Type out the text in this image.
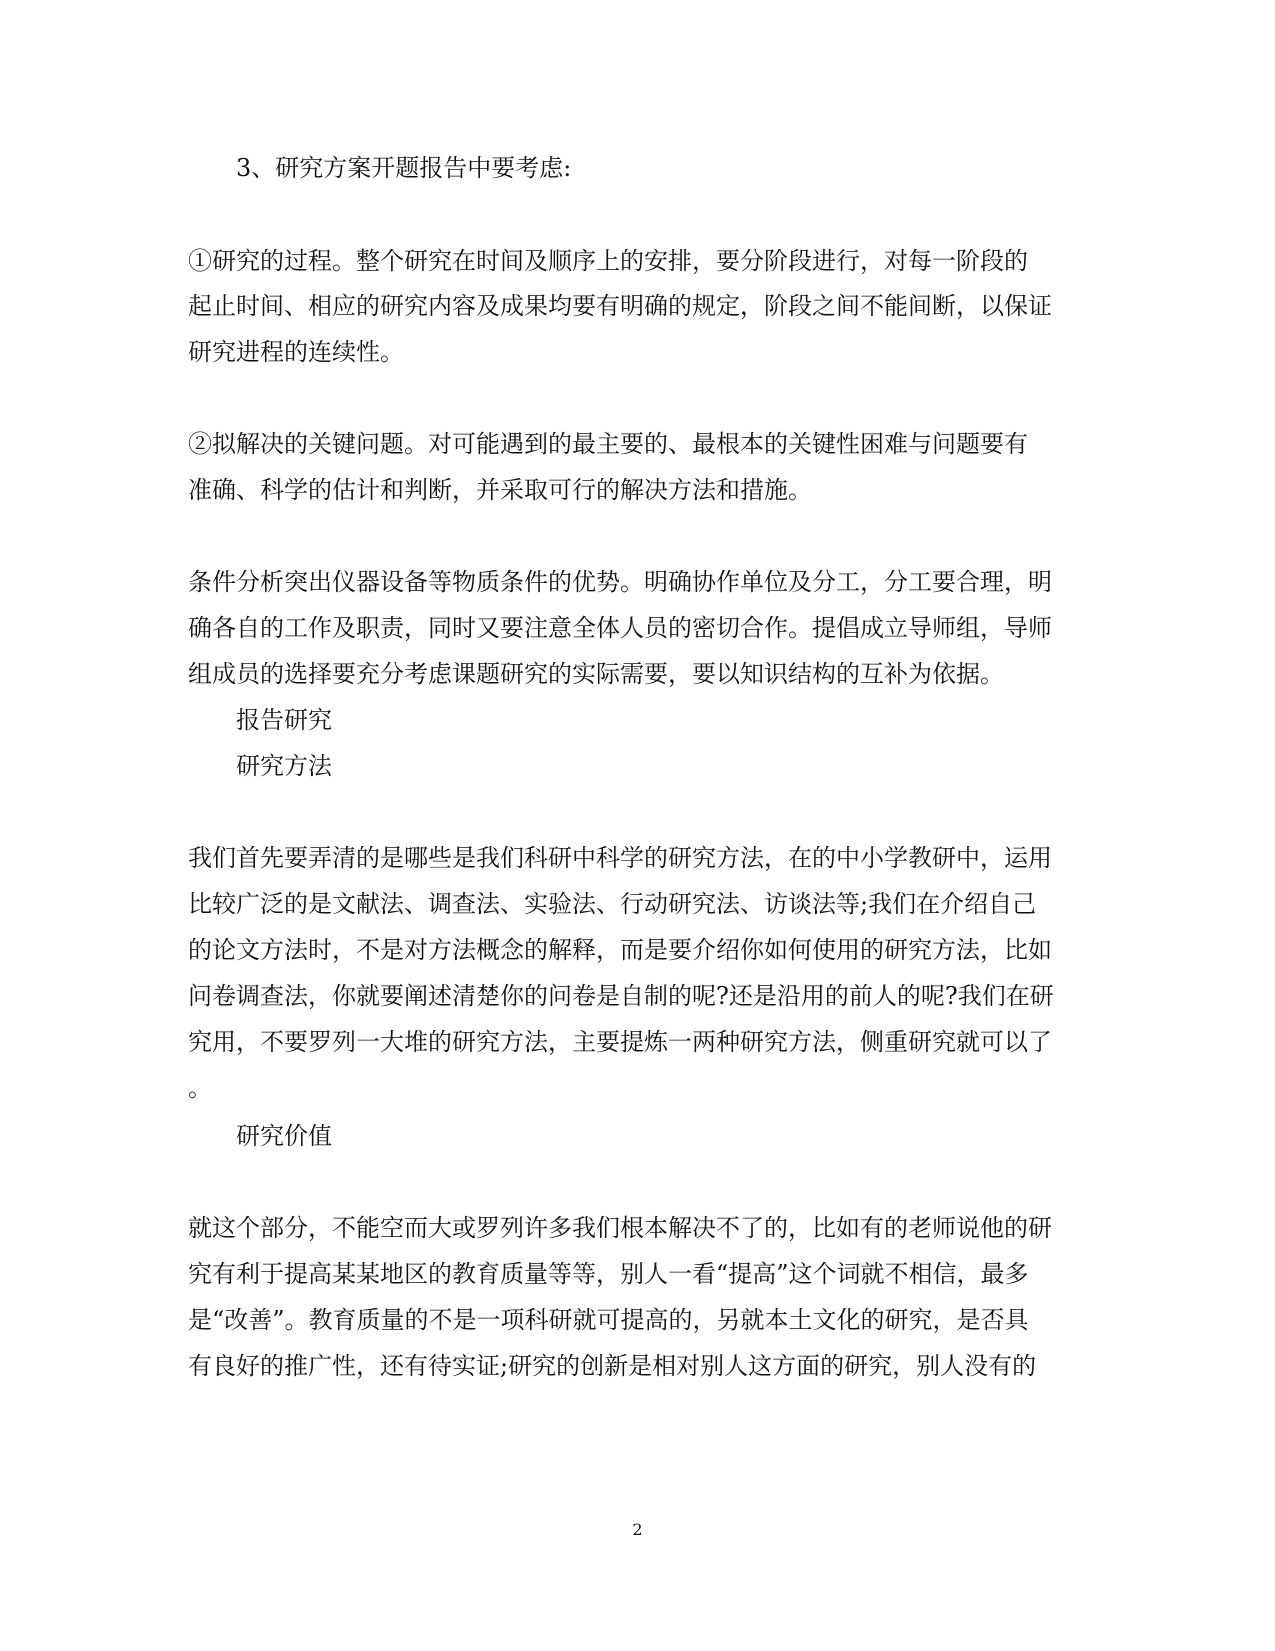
3、研究方案开题报告中要考虑:
①研究的过程。整个研究在时间及顺序上的安排，要分阶段进行，对每一阶段的
起止时间、相应的研究内容及成果均要有明确的规定，阶段之间不能间断，以保证
研究进程的连续性。
②拟解决的关键问题。对可能遇到的最主要的、最根本的关键性困难与问题要有
准确、科学的估计和判断，并采取可行的解决方法和措施。
条件分析突出仪器设备等物质条件的优势。明确协作单位及分工，分工要合理，明
确各自的工作及职责，同时又要注意全体人员的密切合作。提倡成立导师组，导师
组成员的选择要充分考虑课题研究的实际需要，要以知识结构的互补为依据。
报告研究
研究方法
我们首先要弄清的是哪些是我们科研中科学的研究方法，在的中小学教研中，运用
比较广泛的是文献法、调查法、实验法、行动研究法、访谈法等;我们在介绍自己
的论文方法时，不是对方法概念的解释，而是要介绍你如何使用的研究方法，比如
问卷调查法，你就要阐述清楚你的问卷是自制的呢?还是沿用的前人的呢?我们在研
究用，不要罗列一大堆的研究方法，主要提炼一两种研究方法，侧重研究就可以了
。
研究价值
就这个部分，不能空而大或罗列许多我们根本解决不了的，比如有的老师说他的研
究有利于提高某某地区的教育质量等等，别人一看“提高”这个词就不相信，最多
是“改善”。教育质量的不是一项科研就可提高的，另就本土文化的研究，是否具
有良好的推广性，还有待实证;研究的创新是相对别人这方面的研究，别人没有的
2
